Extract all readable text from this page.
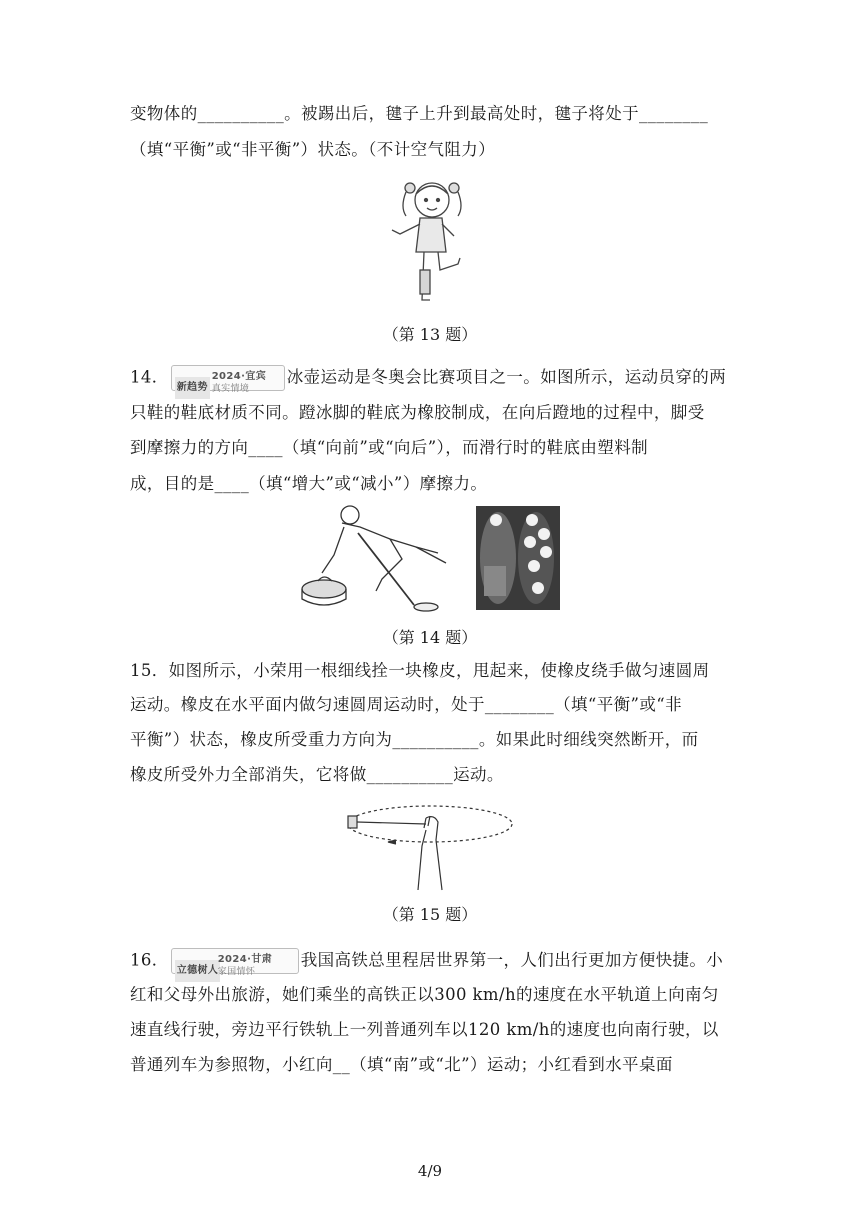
变物体的__________。被踢出后，毽子上升到最高处时，毽子将处于________
（填“平衡”或“非平衡”）状态。（不计空气阻力）
（第 13 题）
14．
新趋势
2024·宜宾
真实情境
冰壶运动是冬奥会比赛项目之一。如图所示，运动员穿的两
只鞋的鞋底材质不同。蹬冰脚的鞋底为橡胶制成，在向后蹬地的过程中，脚受
到摩擦力的方向____（填“向前”或“向后”），而滑行时的鞋底由塑料制
成，目的是____（填“增大”或“减小”）摩擦力。
（第 14 题）
15．如图所示，小荣用一根细线拴一块橡皮，甩起来，使橡皮绕手做匀速圆周
运动。橡皮在水平面内做匀速圆周运动时，处于________（填“平衡”或“非
平衡”）状态，橡皮所受重力方向为__________。如果此时细线突然断开，而
橡皮所受外力全部消失，它将做__________运动。
（第 15 题）
16．
立德树人
2024·甘肃
家国情怀
我国高铁总里程居世界第一，人们出行更加方便快捷。小
红和父母外出旅游，她们乘坐的高铁正以300 km/h的速度在水平轨道上向南匀
速直线行驶，旁边平行铁轨上一列普通列车以120 km/h的速度也向南行驶，以
普通列车为参照物，小红向__（填“南”或“北”）运动；小红看到水平桌面
4/9
